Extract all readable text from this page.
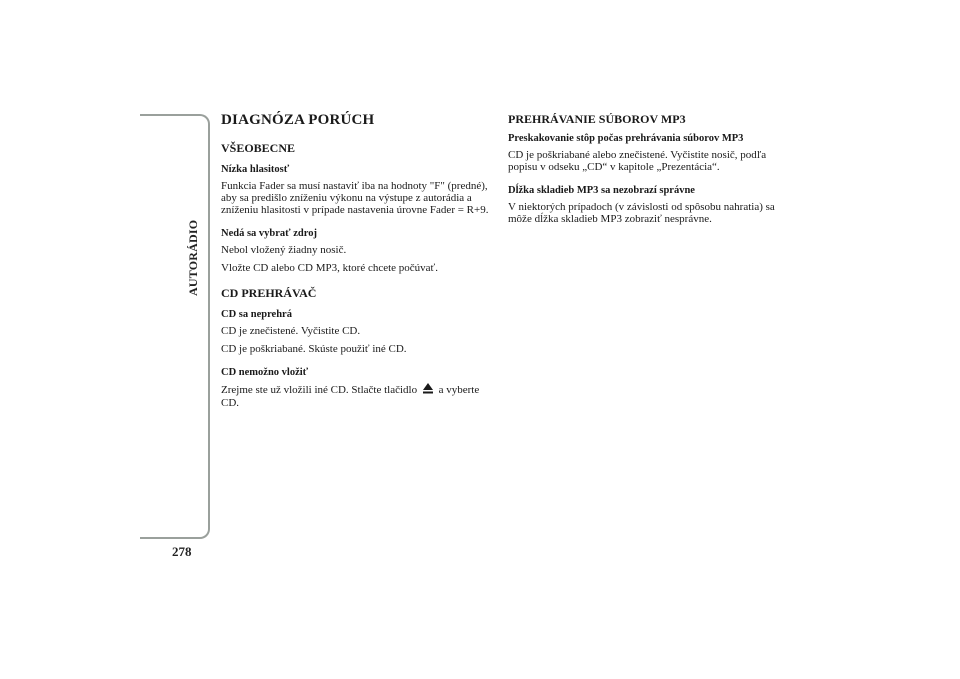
AUTORÁDIO
278
DIAGNÓZA PORÚCH
VŠEOBECNE
Nízka hlasitosť

Funkcia Fader sa musí nastaviť iba na hodnoty "F" (predné), aby sa predišlo zníženiu výkonu na výstupe z autorádia a zníženiu hlasitosti v prípade nastavenia úrovne Fader = R+9.

Nedá sa vybrať zdroj

Nebol vložený žiadny nosič.

Vložte CD alebo CD MP3, ktoré chcete počúvať.

CD PREHRÁVAČ
CD sa neprehrá

CD je znečistené. Vyčistite CD.

CD je poškriabané. Skúste použiť iné CD.

CD nemožno vložiť

Zrejme ste už vložili iné CD. Stlačte tlačidlo a vyberte CD.

PREHRÁVANIE SÚBOROV MP3
Preskakovanie stôp počas prehrávania súborov MP3

CD je poškriabané alebo znečistené. Vyčistite nosič, podľa popisu v odseku „CD“ v kapitole „Prezentácia“.

Dĺžka skladieb MP3 sa nezobrazí správne

V niektorých prípadoch (v závislosti od spôsobu nahratia) sa môže dĺžka skladieb MP3 zobraziť nesprávne.
